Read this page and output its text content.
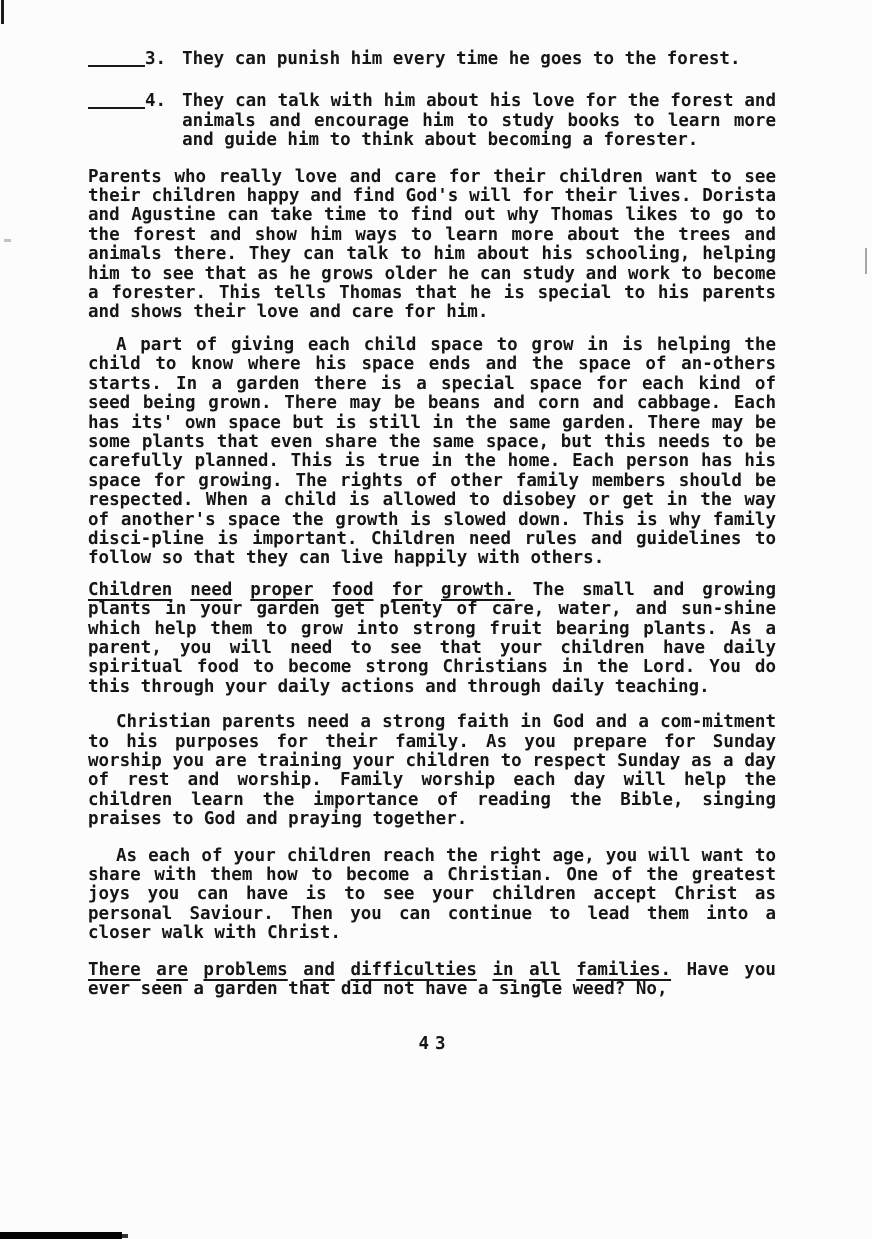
3. They can punish him every time he goes to the forest.
4. They can talk with him about his love for the forest and animals and encourage him to study books to learn more and guide him to think about becoming a forester.

Parents who really love and care for their children want to see their children happy and find God's will for their lives. Dorista and Agustine can take time to find out why Thomas likes to go to the forest and show him ways to learn more about the trees and animals there. They can talk to him about his schooling, helping him to see that as he grows older he can study and work to become a forester. This tells Thomas that he is special to his parents and shows their love and care for him.

A part of giving each child space to grow in is helping the child to know where his space ends and the space of an-others starts. In a garden there is a special space for each kind of seed being grown. There may be beans and corn and cabbage. Each has its' own space but is still in the same garden. There may be some plants that even share the same space, but this needs to be carefully planned. This is true in the home. Each person has his space for growing. The rights of other family members should be respected. When a child is allowed to disobey or get in the way of another's space the growth is slowed down. This is why family disci-pline is important. Children need rules and guidelines to follow so that they can live happily with others.

Children need proper food for growth. The small and growing plants in your garden get plenty of care, water, and sun-shine which help them to grow into strong fruit bearing plants. As a parent, you will need to see that your children have daily spiritual food to become strong Christians in the Lord. You do this through your daily actions and through daily teaching.

Christian parents need a strong faith in God and a com-mitment to his purposes for their family. As you prepare for Sunday worship you are training your children to respect Sunday as a day of rest and worship. Family worship each day will help the children learn the importance of reading the Bible, singing praises to God and praying together.

As each of your children reach the right age, you will want to share with them how to become a Christian. One of the greatest joys you can have is to see your children accept Christ as personal Saviour. Then you can continue to lead them into a closer walk with Christ.

There are problems and difficulties in all families. Have you ever seen a garden that did not have a single weed? No,

43
